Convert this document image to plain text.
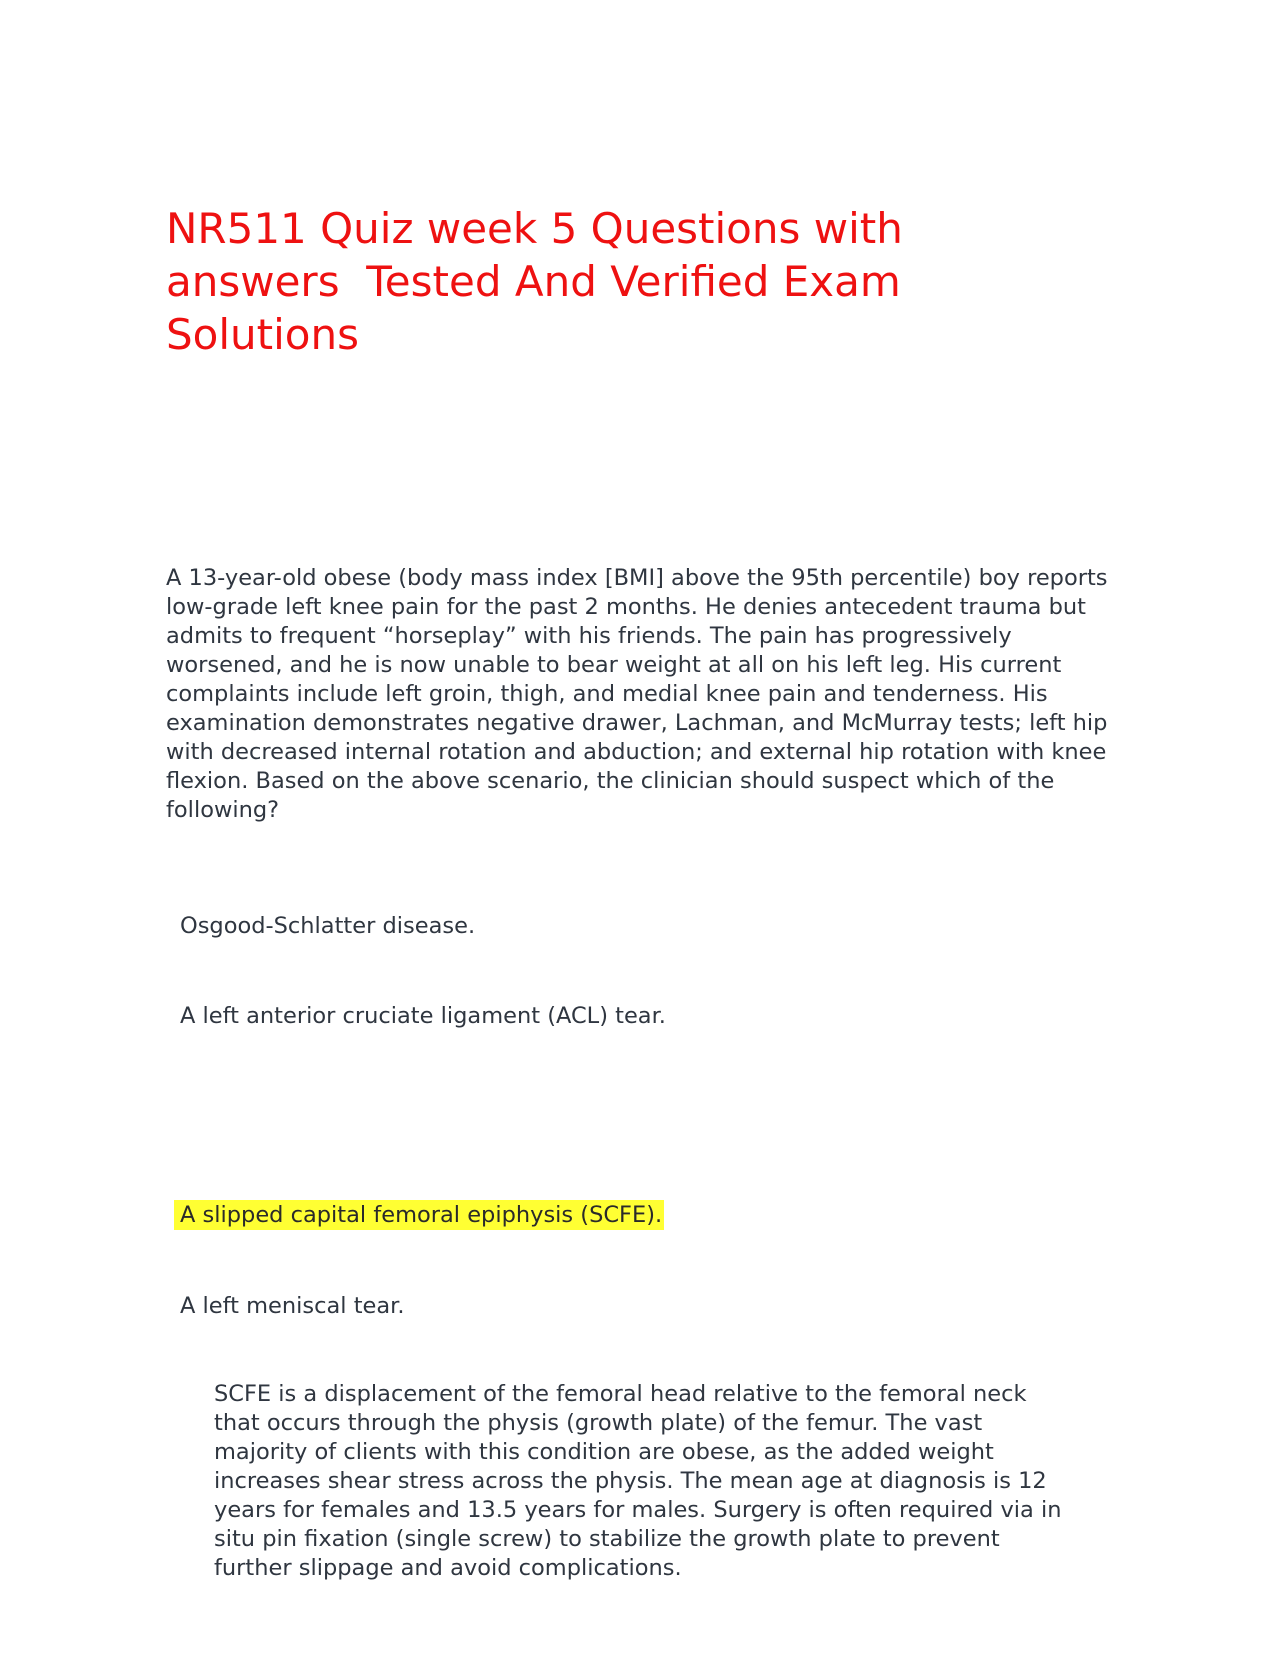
NR511 Quiz week 5 Questions with answers  Tested And Verified Exam Solutions

A 13-year-old obese (body mass index [BMI] above the 95th percentile) boy reports low-grade left knee pain for the past 2 months. He denies antecedent trauma but admits to frequent “horseplay” with his friends. The pain has progressively worsened, and he is now unable to bear weight at all on his left leg. His current complaints include left groin, thigh, and medial knee pain and tenderness. His examination demonstrates negative drawer, Lachman, and McMurray tests; left hip with decreased internal rotation and abduction; and external hip rotation with knee flexion. Based on the above scenario, the clinician should suspect which of the following?

Osgood-Schlatter disease.

A left anterior cruciate ligament (ACL) tear.

A slipped capital femoral epiphysis (SCFE).

A left meniscal tear.

SCFE is a displacement of the femoral head relative to the femoral neck that occurs through the physis (growth plate) of the femur. The vast majority of clients with this condition are obese, as the added weight increases shear stress across the physis. The mean age at diagnosis is 12 years for females and 13.5 years for males. Surgery is often required via in situ pin fixation (single screw) to stabilize the growth plate to prevent further slippage and avoid complications.
